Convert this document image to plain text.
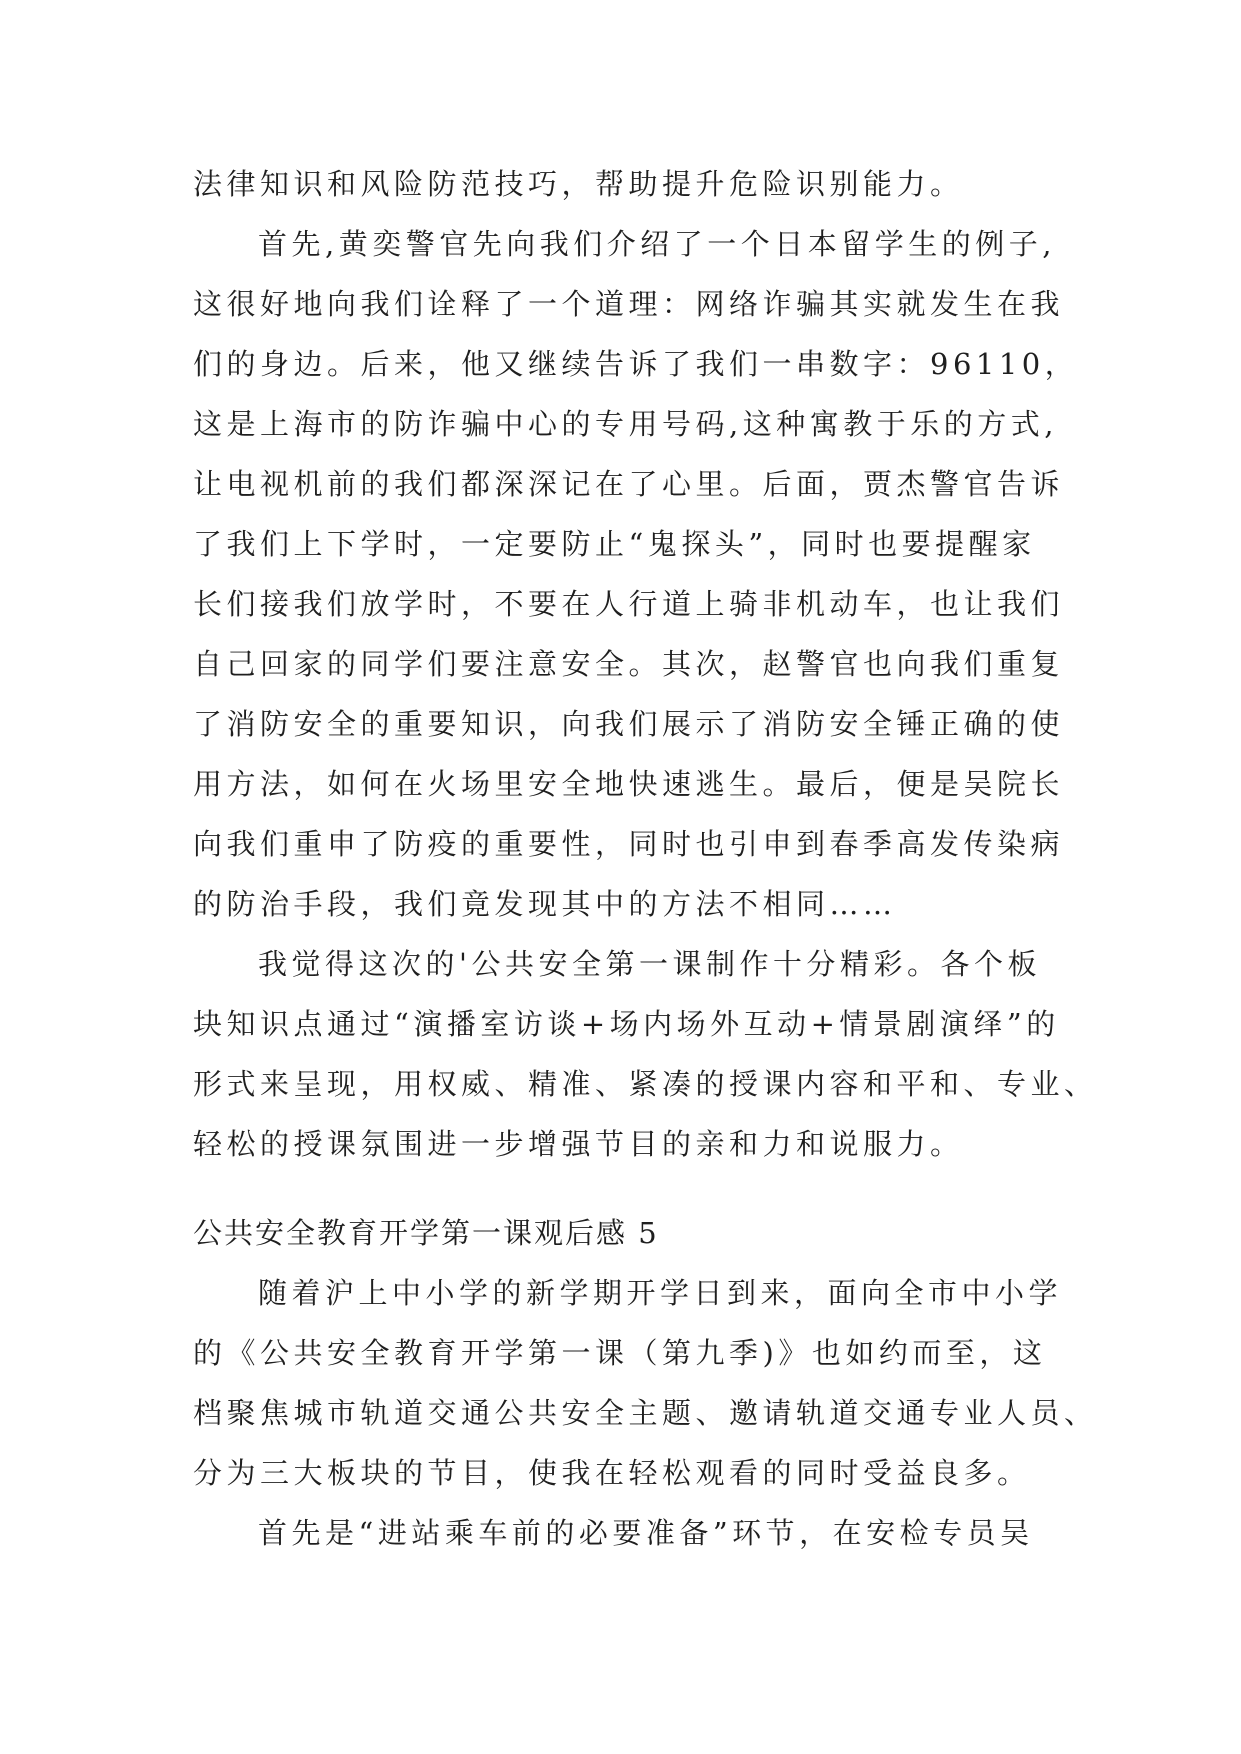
法律知识和风险防范技巧，帮助提升危险识别能力。
首先,黄奕警官先向我们介绍了一个日本留学生的例子,
这很好地向我们诠释了一个道理：网络诈骗其实就发生在我
们的身边。后来，他又继续告诉了我们一串数字：96110，
这是上海市的防诈骗中心的专用号码,这种寓教于乐的方式,
让电视机前的我们都深深记在了心里。后面，贾杰警官告诉
了我们上下学时，一定要防止“鬼探头”，同时也要提醒家
长们接我们放学时，不要在人行道上骑非机动车，也让我们
自己回家的同学们要注意安全。其次，赵警官也向我们重复
了消防安全的重要知识，向我们展示了消防安全锤正确的使
用方法，如何在火场里安全地快速逃生。最后，便是吴院长
向我们重申了防疫的重要性，同时也引申到春季高发传染病
的防治手段，我们竟发现其中的方法不相同……
我觉得这次的'公共安全第一课制作十分精彩。各个板
块知识点通过“演播室访谈+场内场外互动+情景剧演绎”的
形式来呈现，用权威、精准、紧凑的授课内容和平和、专业、
轻松的授课氛围进一步增强节目的亲和力和说服力。
公共安全教育开学第一课观后感 5
随着沪上中小学的新学期开学日到来，面向全市中小学
的《公共安全教育开学第一课（第九季)》也如约而至，这
档聚焦城市轨道交通公共安全主题、邀请轨道交通专业人员、
分为三大板块的节目，使我在轻松观看的同时受益良多。
首先是“进站乘车前的必要准备”环节，在安检专员吴
